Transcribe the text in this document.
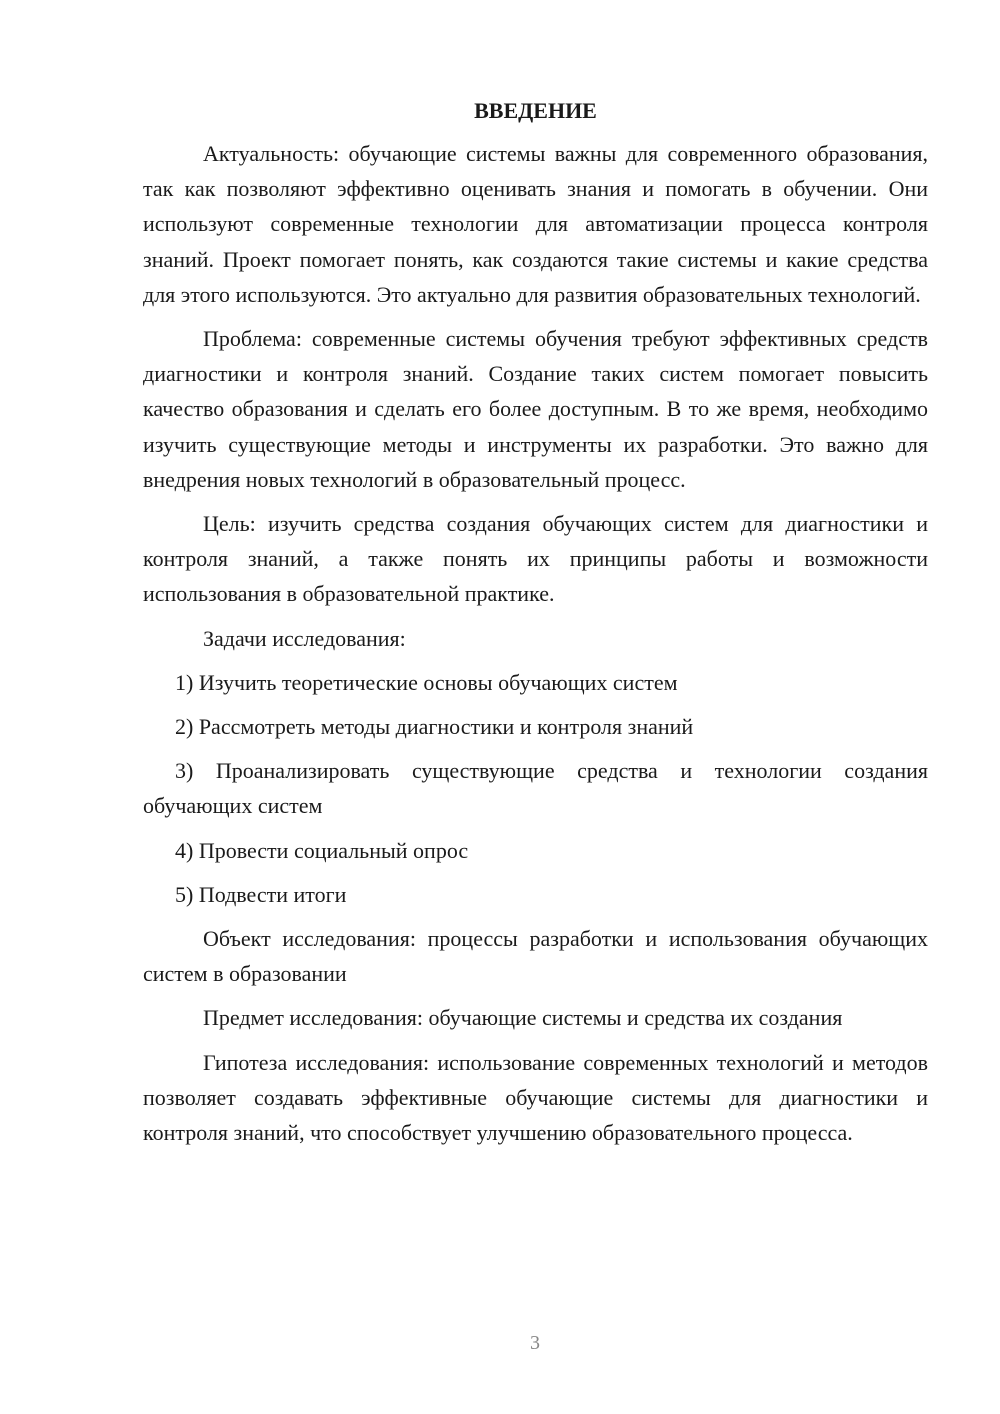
ВВЕДЕНИЕ

Актуальность: обучающие системы важны для современного образования, так как позволяют эффективно оценивать знания и помогать в обучении. Они используют современные технологии для автоматизации процесса контроля знаний. Проект помогает понять, как создаются такие системы и какие средства для этого используются. Это актуально для развития образовательных технологий.

Проблема: современные системы обучения требуют эффективных средств диагностики и контроля знаний. Создание таких систем помогает повысить качество образования и сделать его более доступным. В то же время, необходимо изучить существующие методы и инструменты их разработки. Это важно для внедрения новых технологий в образовательный процесс.

Цель: изучить средства создания обучающих систем для диагностики и контроля знаний, а также понять их принципы работы и возможности использования в образовательной практике.

Задачи исследования:

1) Изучить теоретические основы обучающих систем

2) Рассмотреть методы диагностики и контроля знаний

3) Проанализировать существующие средства и технологии создания обучающих систем

4) Провести социальный опрос

5) Подвести итоги

Объект исследования: процессы разработки и использования обучающих систем в образовании

Предмет исследования: обучающие системы и средства их создания

Гипотеза исследования: использование современных технологий и методов позволяет создавать эффективные обучающие системы для диагностики и контроля знаний, что способствует улучшению образовательного процесса.

3
